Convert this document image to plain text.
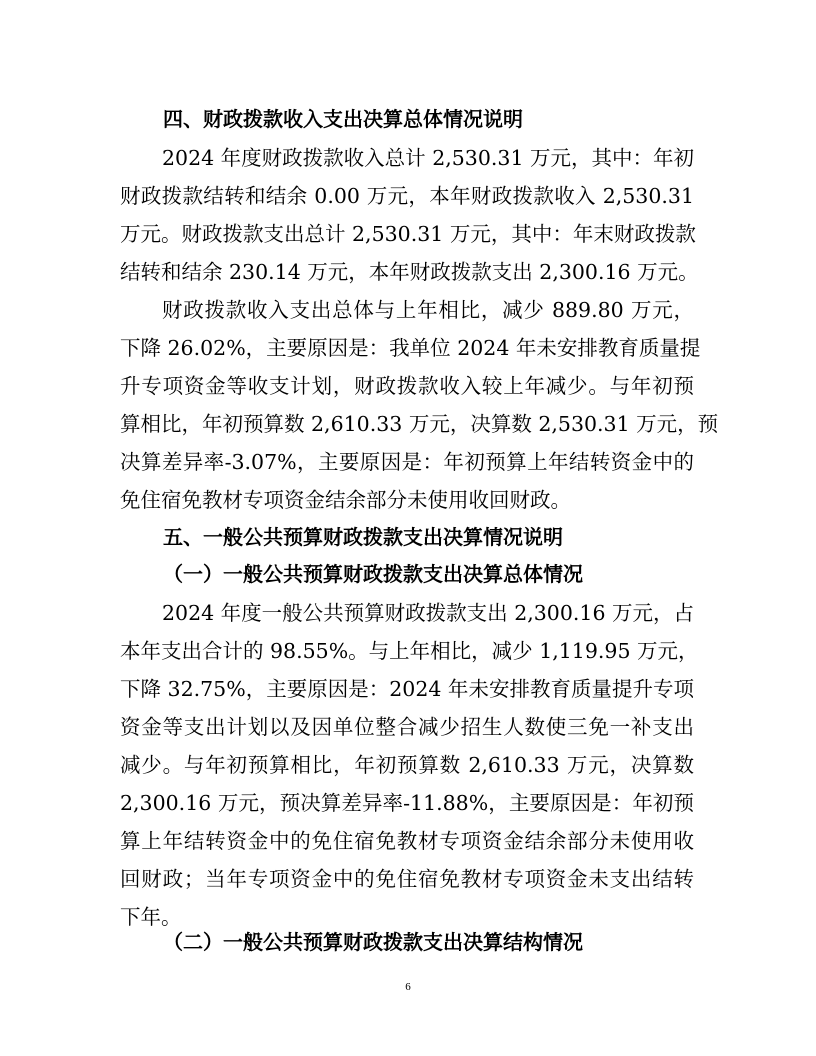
四、财政拨款收入支出决算总体情况说明
2024 年度财政拨款收入总计 2,530.31 万元，其中：年初
财政拨款结转和结余 0.00 万元，本年财政拨款收入 2,530.31
万元。财政拨款支出总计 2,530.31 万元，其中：年末财政拨款
结转和结余 230.14 万元，本年财政拨款支出 2,300.16 万元。
财政拨款收入支出总体与上年相比，减少 889.80 万元，
下降 26.02%，主要原因是：我单位 2024 年未安排教育质量提
升专项资金等收支计划，财政拨款收入较上年减少。与年初预
算相比，年初预算数 2,610.33 万元，决算数 2,530.31 万元，预
决算差异率-3.07%，主要原因是：年初预算上年结转资金中的
免住宿免教材专项资金结余部分未使用收回财政。
五、一般公共预算财政拨款支出决算情况说明
（一）一般公共预算财政拨款支出决算总体情况
2024 年度一般公共预算财政拨款支出 2,300.16 万元，占
本年支出合计的 98.55%。与上年相比，减少 1,119.95 万元，
下降 32.75%，主要原因是：2024 年未安排教育质量提升专项
资金等支出计划以及因单位整合减少招生人数使三免一补支出
减少。与年初预算相比，年初预算数 2,610.33 万元，决算数
2,300.16 万元，预决算差异率-11.88%，主要原因是：年初预
算上年结转资金中的免住宿免教材专项资金结余部分未使用收
回财政；当年专项资金中的免住宿免教材专项资金未支出结转
下年。
（二）一般公共预算财政拨款支出决算结构情况
6
